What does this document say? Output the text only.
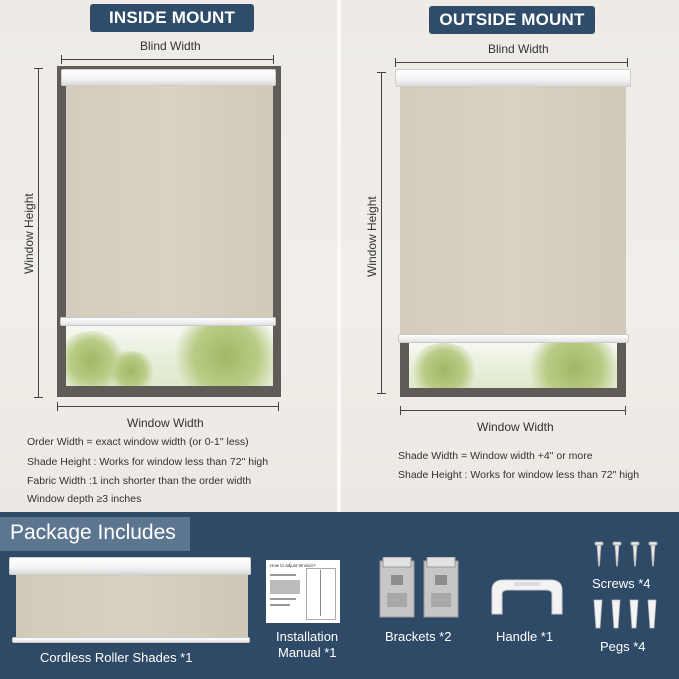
INSIDE MOUNT
Blind Width
Window Height
Window Width
Order Width = exact window width (or 0-1" less)
Shade Height : Works for window less than 72" high
Fabric Width :1 inch shorter than the order width
Window depth ≥3 inches
OUTSIDE MOUNT
Blind Width
Window Height
Window Width
Shade Width = Window width +4" or more
Shade Height : Works for window less than 72" high
Package Includes
Cordless Roller Shades *1
How to adjust tension?
Installation
Manual *1
Brackets *2	Handle *1
Screws *4
Pegs *4
